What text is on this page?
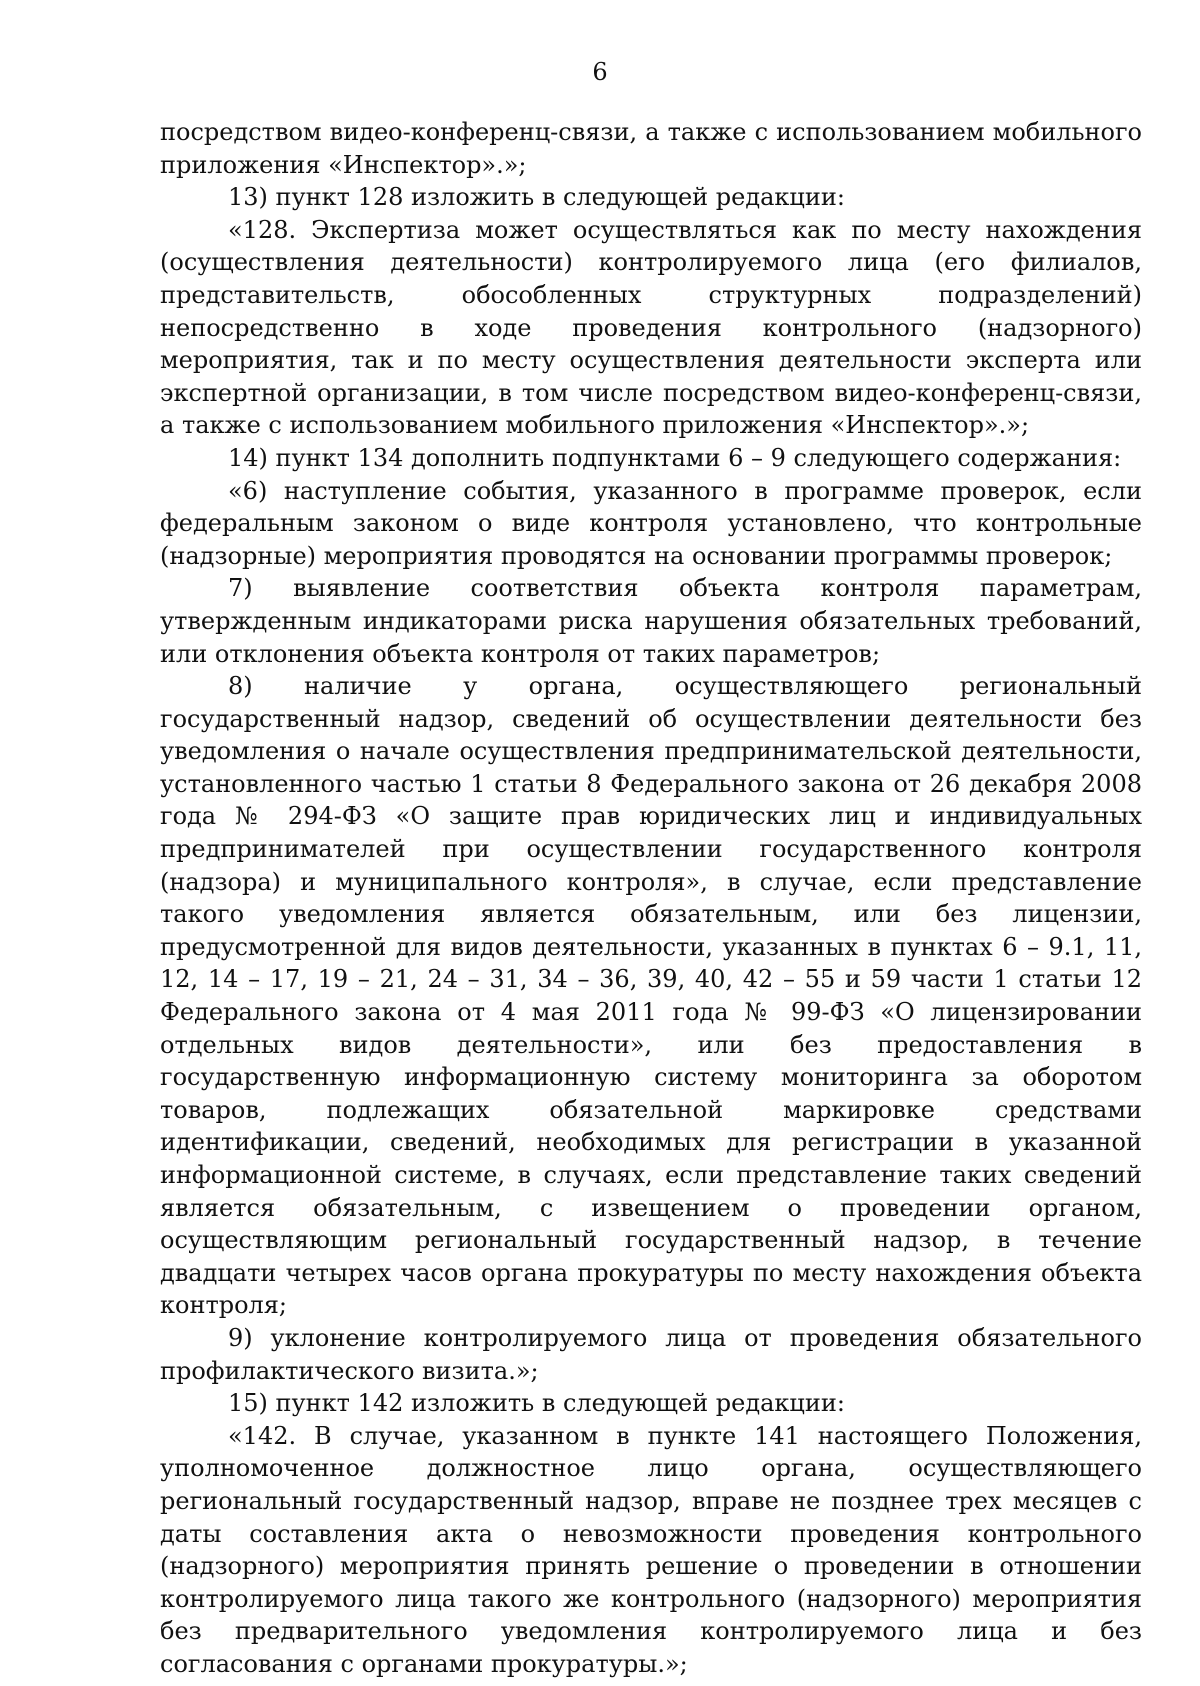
6

посредством видео-конференц-связи, а также с использованием мобильного приложения «Инспектор».»;

13) пункт 128 изложить в следующей редакции:

«128. Экспертиза может осуществляться как по месту нахождения (осуществления деятельности) контролируемого лица (его филиалов, представительств, обособленных структурных подразделений) непосредственно в ходе проведения контрольного (надзорного) мероприятия, так и по месту осуществления деятельности эксперта или экспертной организации, в том числе посредством видео-конференц-связи, а также с использованием мобильного приложения «Инспектор».»;

14) пункт 134 дополнить подпунктами 6 – 9 следующего содержания:

«6) наступление события, указанного в программе проверок, если федеральным законом о виде контроля установлено, что контрольные (надзорные) мероприятия проводятся на основании программы проверок;

7) выявление соответствия объекта контроля параметрам, утвержденным индикаторами риска нарушения обязательных требований, или отклонения объекта контроля от таких параметров;

8) наличие у органа, осуществляющего региональный государственный надзор, сведений об осуществлении деятельности без уведомления о начале осуществления предпринимательской деятельности, установленного частью 1 статьи 8 Федерального закона от 26 декабря 2008 года № 294-ФЗ «О защите прав юридических лиц и индивидуальных предпринимателей при осуществлении государственного контроля (надзора) и муниципального контроля», в случае, если представление такого уведомления является обязательным, или без лицензии, предусмотренной для видов деятельности, указанных в пунктах 6 – 9.1, 11, 12, 14 – 17, 19 – 21, 24 – 31, 34 – 36, 39, 40, 42 – 55 и 59 части 1 статьи 12 Федерального закона от 4 мая 2011 года № 99-ФЗ «О лицензировании отдельных видов деятельности», или без предоставления в государственную информационную систему мониторинга за оборотом товаров, подлежащих обязательной маркировке средствами идентификации, сведений, необходимых для регистрации в указанной информационной системе, в случаях, если представление таких сведений является обязательным, с извещением о проведении органом, осуществляющим региональный государственный надзор, в течение двадцати четырех часов органа прокуратуры по месту нахождения объекта контроля;

9) уклонение контролируемого лица от проведения обязательного профилактического визита.»;

15) пункт 142 изложить в следующей редакции:

«142. В случае, указанном в пункте 141 настоящего Положения, уполномоченное должностное лицо органа, осуществляющего региональный государственный надзор, вправе не позднее трех месяцев с даты составления акта о невозможности проведения контрольного (надзорного) мероприятия принять решение о проведении в отношении контролируемого лица такого же контрольного (надзорного) мероприятия без предварительного уведомления контролируемого лица и без согласования с органами прокуратуры.»;
